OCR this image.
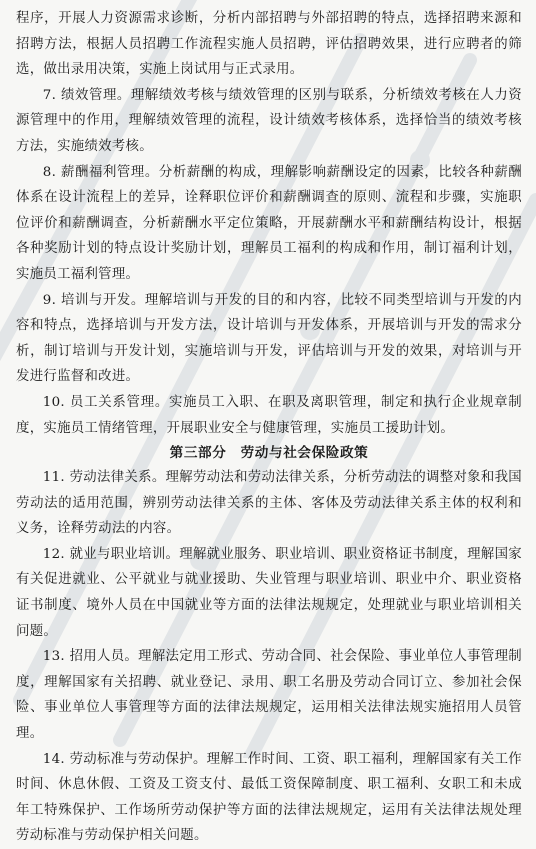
程序，开展人力资源需求诊断，分析内部招聘与外部招聘的特点，选择招聘来源和招聘方法，根据人员招聘工作流程实施人员招聘，评估招聘效果，进行应聘者的筛选，做出录用决策，实施上岗试用与正式录用。

7. 绩效管理。理解绩效考核与绩效管理的区别与联系，分析绩效考核在人力资源管理中的作用，理解绩效管理的流程，设计绩效考核体系，选择恰当的绩效考核方法，实施绩效考核。

8. 薪酬福利管理。分析薪酬的构成，理解影响薪酬设定的因素，比较各种薪酬体系在设计流程上的差异，诠释职位评价和薪酬调查的原则、流程和步骤，实施职位评价和薪酬调查，分析薪酬水平定位策略，开展薪酬水平和薪酬结构设计，根据各种奖励计划的特点设计奖励计划，理解员工福利的构成和作用，制订福利计划，实施员工福利管理。

9. 培训与开发。理解培训与开发的目的和内容，比较不同类型培训与开发的内容和特点，选择培训与开发方法，设计培训与开发体系，开展培训与开发的需求分析，制订培训与开发计划，实施培训与开发，评估培训与开发的效果，对培训与开发进行监督和改进。

10. 员工关系管理。实施员工入职、在职及离职管理，制定和执行企业规章制度，实施员工情绪管理，开展职业安全与健康管理，实施员工援助计划。

第三部分　劳动与社会保险政策

11. 劳动法律关系。理解劳动法和劳动法律关系，分析劳动法的调整对象和我国劳动法的适用范围，辨别劳动法律关系的主体、客体及劳动法律关系主体的权利和义务，诠释劳动法的内容。

12. 就业与职业培训。理解就业服务、职业培训、职业资格证书制度，理解国家有关促进就业、公平就业与就业援助、失业管理与职业培训、职业中介、职业资格证书制度、境外人员在中国就业等方面的法律法规规定，处理就业与职业培训相关问题。

13. 招用人员。理解法定用工形式、劳动合同、社会保险、事业单位人事管理制度，理解国家有关招聘、就业登记、录用、职工名册及劳动合同订立、参加社会保险、事业单位人事管理等方面的法律法规规定，运用相关法律法规实施招用人员管理。

14. 劳动标准与劳动保护。理解工作时间、工资、职工福利，理解国家有关工作时间、休息休假、工资及工资支付、最低工资保障制度、职工福利、女职工和未成年工特殊保护、工作场所劳动保护等方面的法律法规规定，运用有关法律法规处理劳动标准与劳动保护相关问题。
